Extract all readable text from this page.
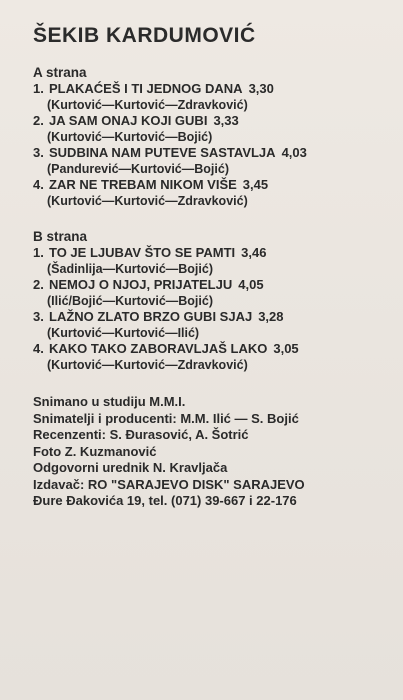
ŠEKIB KARDUMOVIĆ
A strana
1. PLAKAĆEŠ I TI JEDNOG DANA 3,30
(Kurtović—Kurtović—Zdravković)
2. JA SAM ONAJ KOJI GUBI 3,33
(Kurtović—Kurtović—Bojić)
3. SUDBINA NAM PUTEVE SASTAVLJA 4,03
(Pandurević—Kurtović—Bojić)
4. ZAR NE TREBAM NIKOM VIŠE 3,45
(Kurtović—Kurtović—Zdravković)
B strana
1. TO JE LJUBAV ŠTO SE PAMTI 3,46
(Šadinlija—Kurtović—Bojić)
2. NEMOJ O NJOJ, PRIJATELJU 4,05
(Ilić/Bojić—Kurtović—Bojić)
3. LAŽNO ZLATO BRZO GUBI SJAJ 3,28
(Kurtović—Kurtović—Ilić)
4. KAKO TAKO ZABORAVLJAŠ LAKO 3,05
(Kurtović—Kurtović—Zdravković)
Snimano u studiju M.M.I.
Snimatelji i producenti: M.M. Ilić — S. Bojić
Recenzenti: S. Đurasović, A. Šotrić
Foto Z. Kuzmanović
Odgovorni urednik N. Kravljača
Izdavač: RO "SARAJEVO DISK" SARAJEVO
Đure Đakovića 19, tel. (071) 39-667 i 22-176
